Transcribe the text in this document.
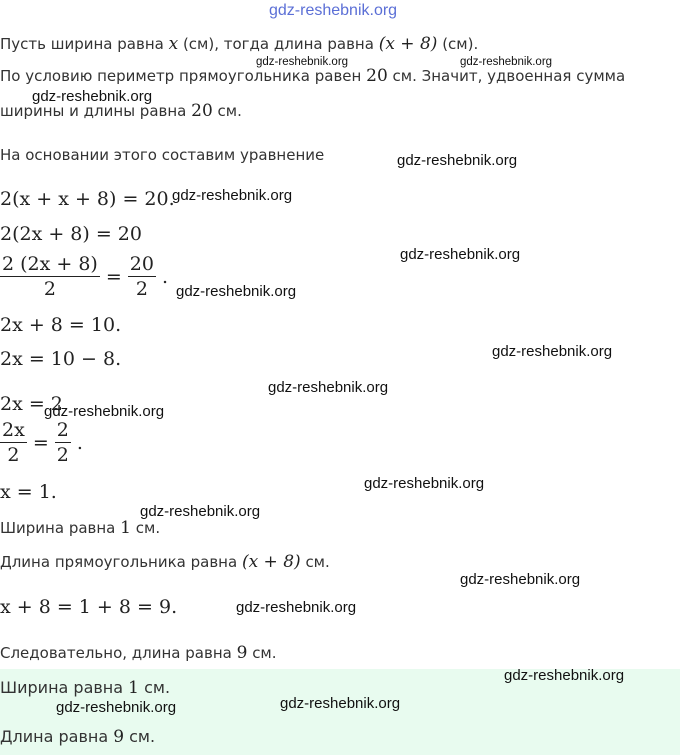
gdz-reshebnik.org
Пусть ширина равна x (см), тогда длина равна (x + 8) (см).
gdz-reshebnik.org	gdz-reshebnik.org
По условию периметр прямоугольника равен 20 см. Значит, удвоенная сумма
gdz-reshebnik.org
ширины и длины равна 20 см.
На основании этого составим уравнение	gdz-reshebnik.org
2(x + x + 8) = 20.
gdz-reshebnik.org
2(2x + 8) = 20
$\frac{2 (2x + 8)}{2} = \frac{20}{2}$ .
gdz-reshebnik.org
gdz-reshebnik.org
2x + 8 = 10.
2x = 10 − 8.	gdz-reshebnik.org
gdz-reshebnik.org
2x = 2
gdz-reshebnik.org
$\frac{2x}{2} = \frac{2}{2}$ .
x = 1.	gdz-reshebnik.org
gdz-reshebnik.org
Ширина равна 1 см.
Длина прямоугольника равна (x + 8) см.
gdz-reshebnik.org
x + 8 = 1 + 8 = 9.	gdz-reshebnik.org
Следовательно, длина равна 9 см.
gdz-reshebnik.org
Ширина равна 1 см.
gdz-reshebnik.org	gdz-reshebnik.org
Длина равна 9 см.
